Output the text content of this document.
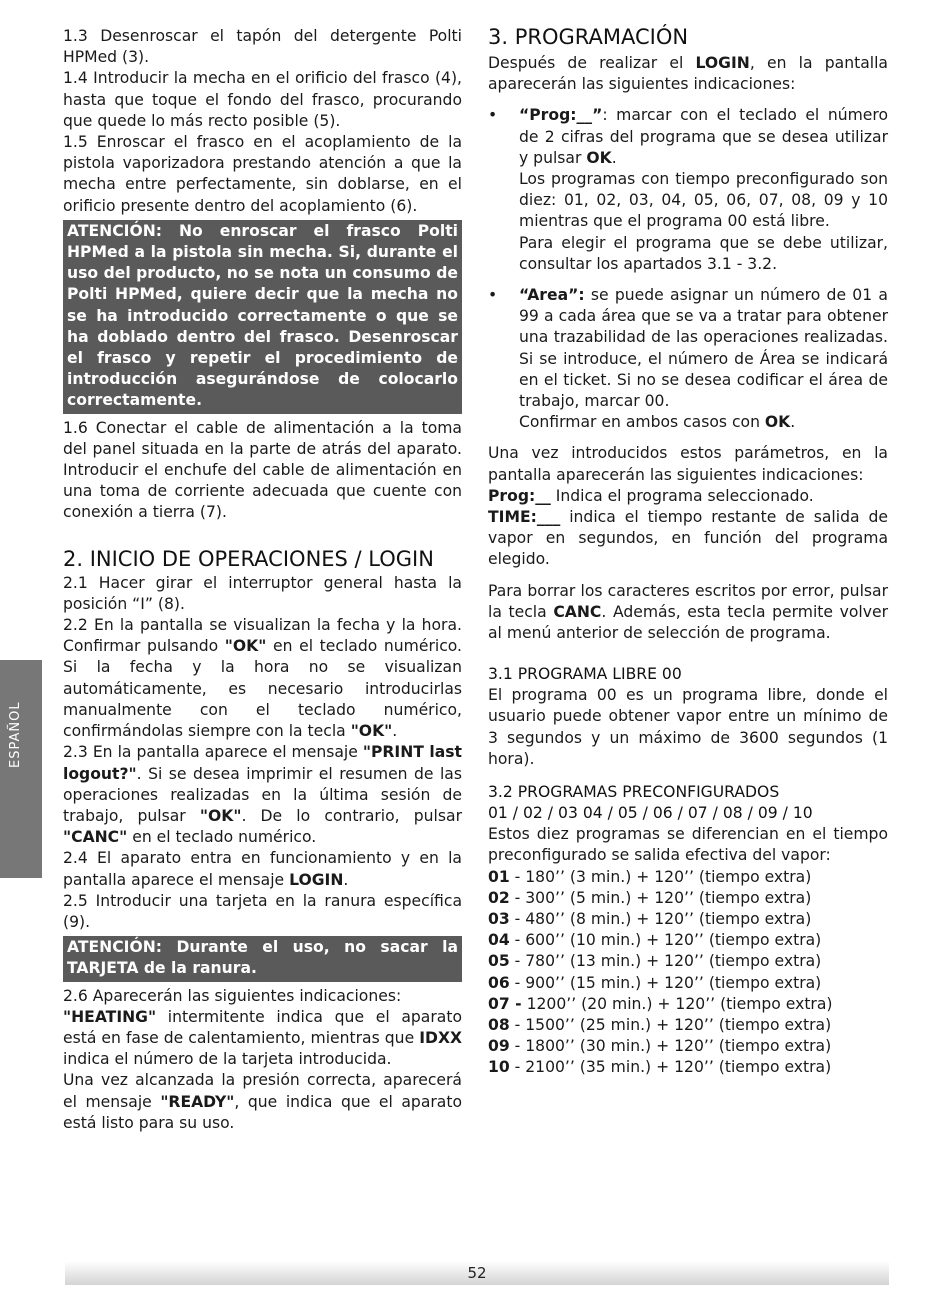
ESPAÑOL

1.3 Desenroscar el tapón del detergente Polti HPMed (3).

1.4 Introducir la mecha en el orificio del frasco (4), hasta que toque el fondo del frasco, procurando que quede lo más recto posible (5).

1.5 Enroscar el frasco en el acoplamiento de la pistola vaporizadora prestando atención a que la mecha entre perfectamente, sin doblarse, en el orificio presente dentro del acoplamiento (6).

ATENCIÓN: No enroscar el frasco Polti HPMed a la pistola sin mecha. Si, durante el uso del producto, no se nota un consumo de Polti HPMed, quiere decir que la mecha no se ha introducido correctamente o que se ha doblado dentro del frasco. Desenroscar el frasco y repetir el procedimiento de introducción asegurándose de colocarlo correctamente.

1.6 Conectar el cable de alimentación a la toma del panel situada en la parte de atrás del aparato. Introducir el enchufe del cable de alimentación en una toma de corriente adecuada que cuente con conexión a tierra (7).

2. INICIO DE OPERACIONES / LOGIN

2.1 Hacer girar el interruptor general hasta la posición “I” (8).

2.2 En la pantalla se visualizan la fecha y la hora. Confirmar pulsando "OK" en el teclado numérico. Si la fecha y la hora no se visualizan automáticamente, es necesario introducirlas manualmente con el teclado numérico, confirmándolas siempre con la tecla "OK".

2.3 En la pantalla aparece el mensaje "PRINT last logout?". Si se desea imprimir el resumen de las operaciones realizadas en la última sesión de trabajo, pulsar "OK". De lo contrario, pulsar "CANC" en el teclado numérico.

2.4 El aparato entra en funcionamiento y en la pantalla aparece el mensaje LOGIN.

2.5 Introducir una tarjeta en la ranura específica (9).

ATENCIÓN: Durante el uso, no sacar la TARJETA de la ranura.

2.6 Aparecerán las siguientes indicaciones:

"HEATING" intermitente indica que el aparato está en fase de calentamiento, mientras que IDXX indica el número de la tarjeta introducida.

Una vez alcanzada la presión correcta, aparecerá el mensaje "READY", que indica que el aparato está listo para su uso.

3. PROGRAMACIÓN

Después de realizar el LOGIN, en la pantalla aparecerán las siguientes indicaciones:

• “Prog:__”: marcar con el teclado el número de 2 cifras del programa que se desea utilizar y pulsar OK.

Los programas con tiempo preconfigurado son diez: 01, 02, 03, 04, 05, 06, 07, 08, 09 y 10 mientras que el programa 00 está libre.

Para elegir el programa que se debe utilizar, consultar los apartados 3.1 - 3.2.

• “Area”: se puede asignar un número de 01 a 99 a cada área que se va a tratar para obtener una trazabilidad de las operaciones realizadas. Si se introduce, el número de Área se indicará en el ticket. Si no se desea codificar el área de trabajo, marcar 00.

Confirmar en ambos casos con OK.

Una vez introducidos estos parámetros, en la pantalla aparecerán las siguientes indicaciones:

Prog:__ Indica el programa seleccionado.

TIME:___ indica el tiempo restante de salida de vapor en segundos, en función del programa elegido.

Para borrar los caracteres escritos por error, pulsar la tecla CANC. Además, esta tecla permite volver al menú anterior de selección de programa.

3.1 PROGRAMA LIBRE 00

El programa 00 es un programa libre, donde el usuario puede obtener vapor entre un mínimo de 3 segundos y un máximo de 3600 segundos (1 hora).

3.2 PROGRAMAS PRECONFIGURADOS
01 / 02 / 03 04 / 05 / 06 / 07 / 08 / 09 / 10

Estos diez programas se diferencian en el tiempo preconfigurado se salida efectiva del vapor:

01 - 180’’ (3 min.) + 120’’ (tiempo extra)

02 - 300’’ (5 min.) + 120’’ (tiempo extra)

03 - 480’’ (8 min.) + 120’’ (tiempo extra)

04 - 600’’ (10 min.) + 120’’ (tiempo extra)

05 - 780’’ (13 min.) + 120’’ (tiempo extra)

06 - 900’’ (15 min.) + 120’’ (tiempo extra)

07 - 1200’’ (20 min.) + 120’’ (tiempo extra)

08 - 1500’’ (25 min.) + 120’’ (tiempo extra)

09 - 1800’’ (30 min.) + 120’’ (tiempo extra)

10 - 2100’’ (35 min.) + 120’’ (tiempo extra)

52
